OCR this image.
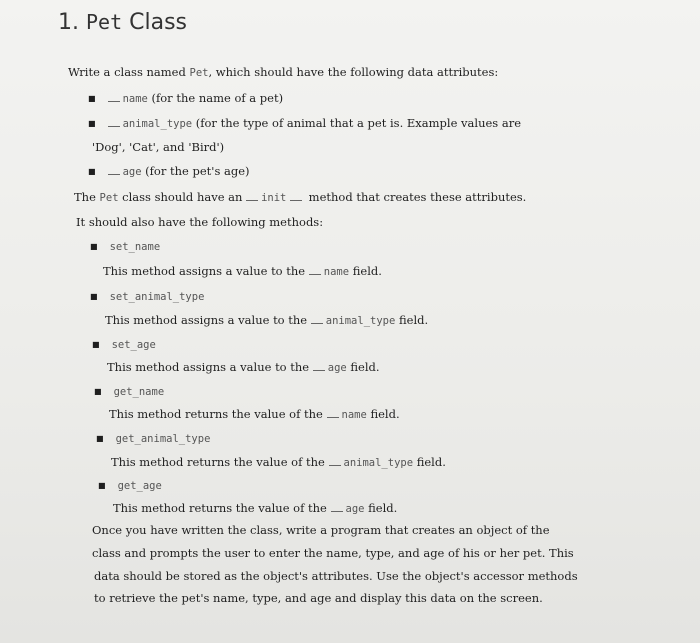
1. Pet Class
Write a class named Pet, which should have the following data attributes:
■	name (for the name of a pet)
■	animal_type (for the type of animal that a pet is. Example values are
'Dog', 'Cat', and 'Bird')
■	age (for the pet's age)
The Pet class should have an init  method that creates these attributes.
It should also have the following methods:
■ set_name
This method assigns a value to the name field.
■ set_animal_type
This method assigns a value to the animal_type field.
■ set_age
This method assigns a value to the age field.
■ get_name
This method returns the value of the name field.
■ get_animal_type
This method returns the value of the animal_type field.
■ get_age
This method returns the value of the age field.
Once you have written the class, write a program that creates an object of the
class and prompts the user to enter the name, type, and age of his or her pet. This
data should be stored as the object's attributes. Use the object's accessor methods
to retrieve the pet's name, type, and age and display this data on the screen.
